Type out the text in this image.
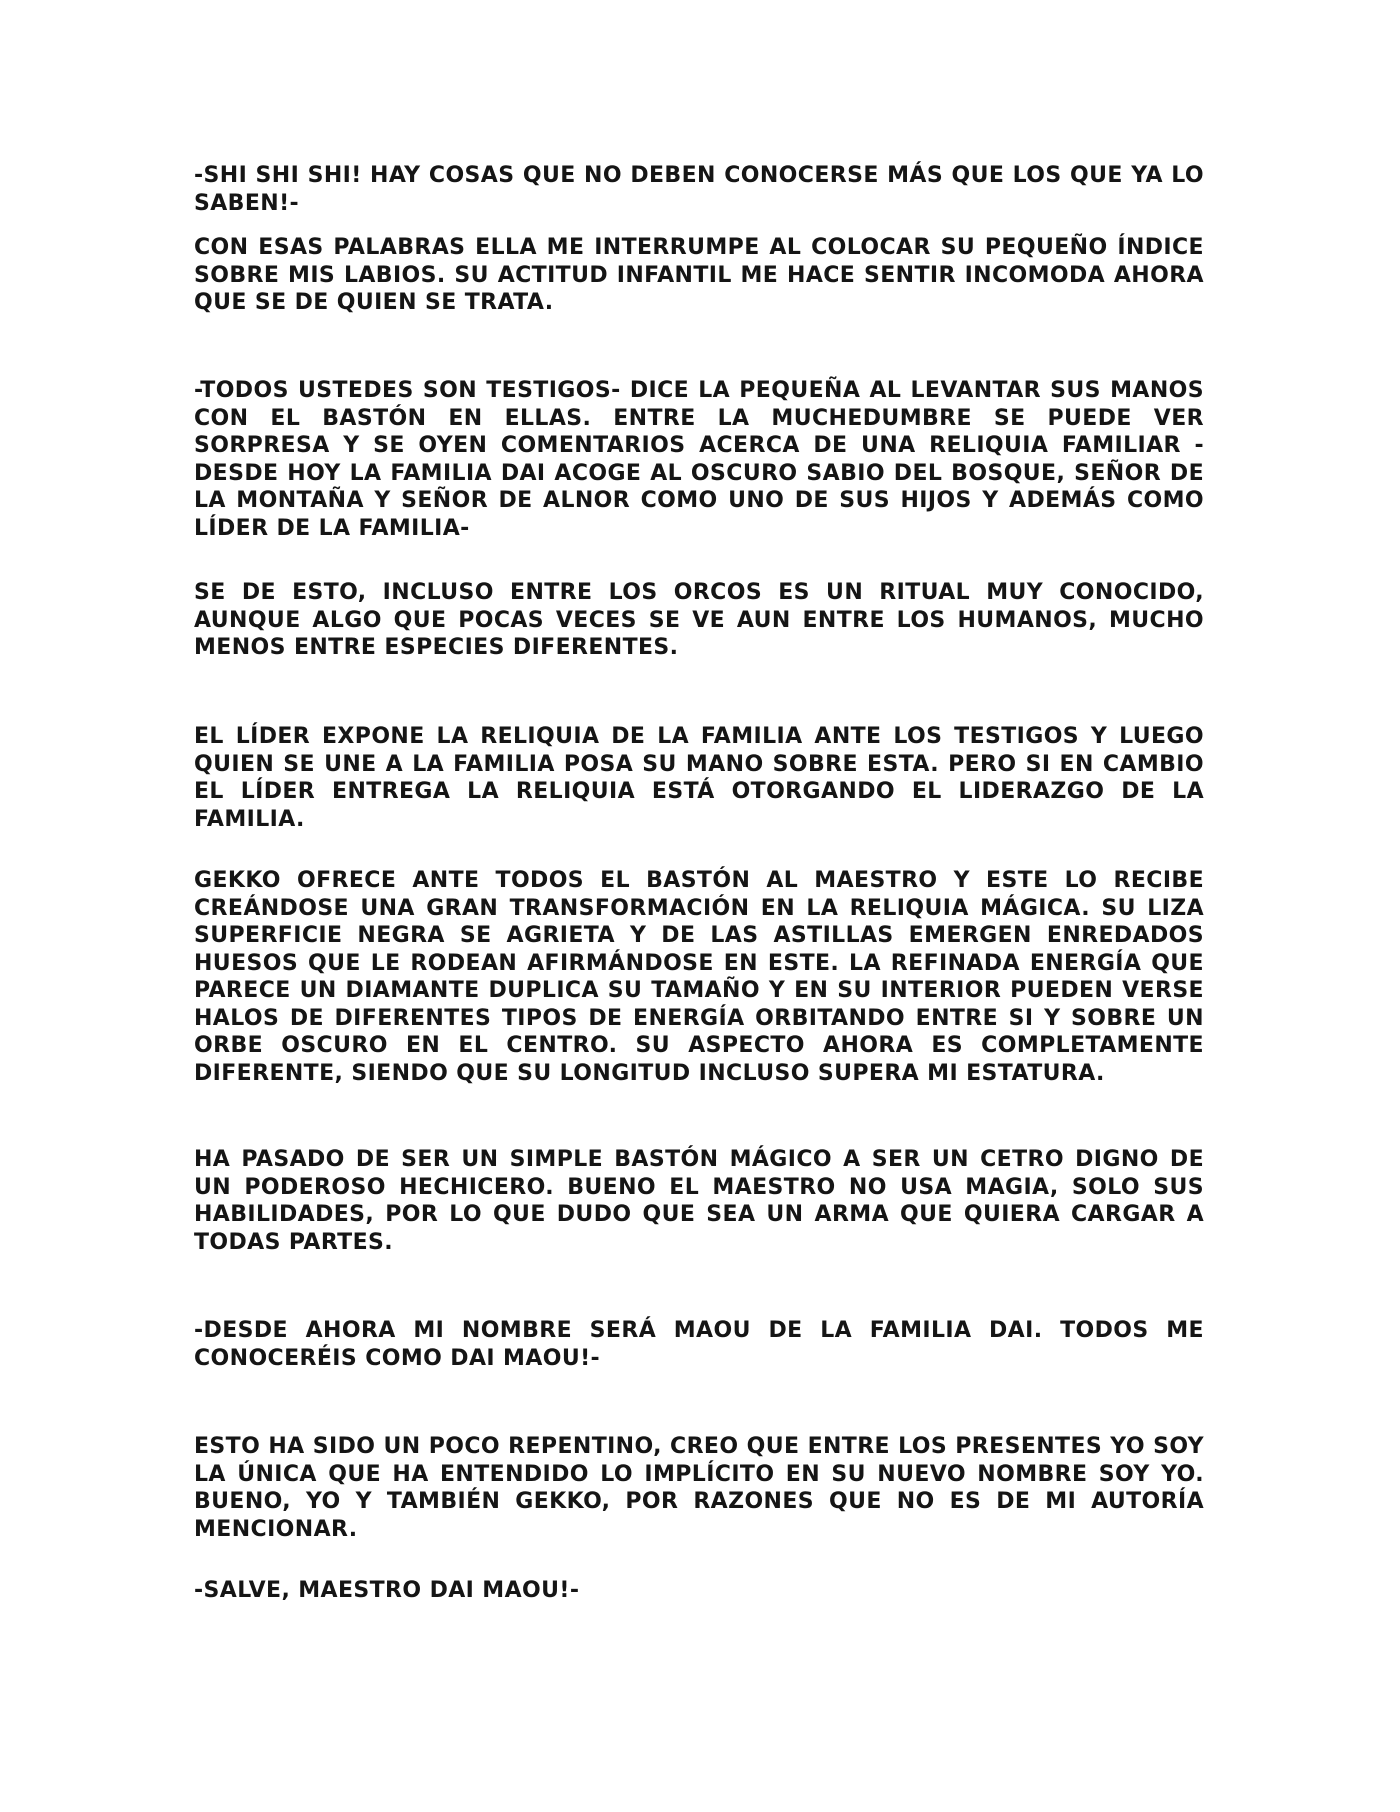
-SHI SHI SHI! HAY COSAS QUE NO DEBEN CONOCERSE MÁS QUE LOS QUE YA LO SABEN!-

CON ESAS PALABRAS ELLA ME INTERRUMPE AL COLOCAR SU PEQUEÑO ÍNDICE SOBRE MIS LABIOS. SU ACTITUD INFANTIL ME HACE SENTIR INCOMODA AHORA QUE SE DE QUIEN SE TRATA.

-TODOS USTEDES SON TESTIGOS- DICE LA PEQUEÑA AL LEVANTAR SUS MANOS CON EL BASTÓN EN ELLAS. ENTRE LA MUCHEDUMBRE SE PUEDE VER SORPRESA Y SE OYEN COMENTARIOS ACERCA DE UNA RELIQUIA FAMILIAR -DESDE HOY LA FAMILIA DAI ACOGE AL OSCURO SABIO DEL BOSQUE, SEÑOR DE LA MONTAÑA Y SEÑOR DE ALNOR COMO UNO DE SUS HIJOS Y ADEMÁS COMO LÍDER DE LA FAMILIA-

SE DE ESTO, INCLUSO ENTRE LOS ORCOS ES UN RITUAL MUY CONOCIDO, AUNQUE ALGO QUE POCAS VECES SE VE AUN ENTRE LOS HUMANOS, MUCHO MENOS ENTRE ESPECIES DIFERENTES.

EL LÍDER EXPONE LA RELIQUIA DE LA FAMILIA ANTE LOS TESTIGOS Y LUEGO QUIEN SE UNE A LA FAMILIA POSA SU MANO SOBRE ESTA. PERO SI EN CAMBIO EL LÍDER ENTREGA LA RELIQUIA ESTÁ OTORGANDO EL LIDERAZGO DE LA FAMILIA.

GEKKO OFRECE ANTE TODOS EL BASTÓN AL MAESTRO Y ESTE LO RECIBE CREÁNDOSE UNA GRAN TRANSFORMACIÓN EN LA RELIQUIA MÁGICA. SU LIZA SUPERFICIE NEGRA SE AGRIETA Y DE LAS ASTILLAS EMERGEN ENREDADOS HUESOS QUE LE RODEAN AFIRMÁNDOSE EN ESTE. LA REFINADA ENERGÍA QUE PARECE UN DIAMANTE DUPLICA SU TAMAÑO Y EN SU INTERIOR PUEDEN VERSE HALOS DE DIFERENTES TIPOS DE ENERGÍA ORBITANDO ENTRE SI Y SOBRE UN ORBE OSCURO EN EL CENTRO. SU ASPECTO AHORA ES COMPLETAMENTE DIFERENTE, SIENDO QUE SU LONGITUD INCLUSO SUPERA MI ESTATURA.

HA PASADO DE SER UN SIMPLE BASTÓN MÁGICO A SER UN CETRO DIGNO DE UN PODEROSO HECHICERO. BUENO EL MAESTRO NO USA MAGIA, SOLO SUS HABILIDADES, POR LO QUE DUDO QUE SEA UN ARMA QUE QUIERA CARGAR A TODAS PARTES.

-DESDE AHORA MI NOMBRE SERÁ MAOU DE LA FAMILIA DAI. TODOS ME CONOCERÉIS COMO DAI MAOU!-

ESTO HA SIDO UN POCO REPENTINO, CREO QUE ENTRE LOS PRESENTES YO SOY LA ÚNICA QUE HA ENTENDIDO LO IMPLÍCITO EN SU NUEVO NOMBRE SOY YO. BUENO, YO Y TAMBIÉN GEKKO, POR RAZONES QUE NO ES DE MI AUTORÍA MENCIONAR.

-SALVE, MAESTRO DAI MAOU!-
